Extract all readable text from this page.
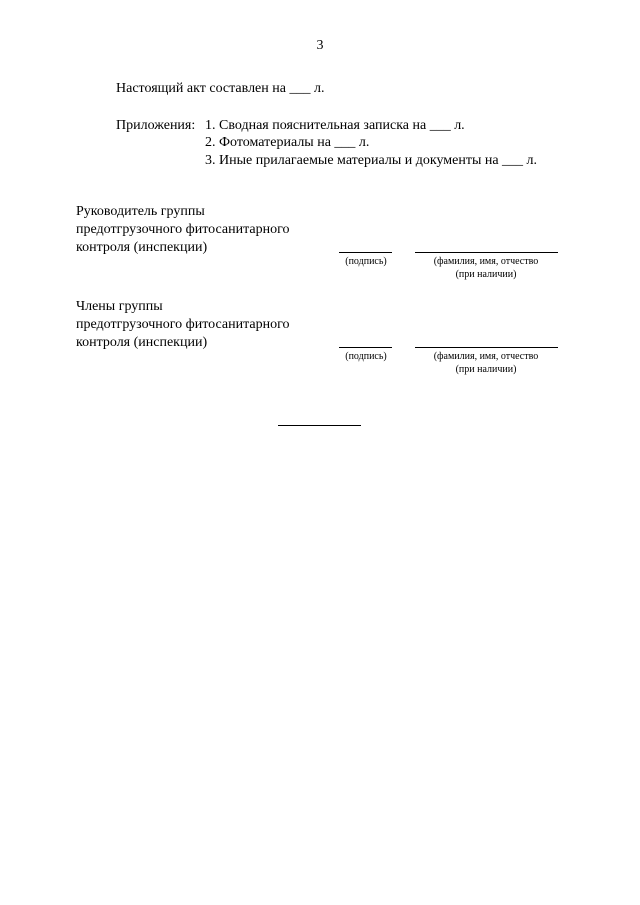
3
Настоящий акт составлен на ___ л.
Приложения: 1. Сводная пояснительная записка на ___ л.
2. Фотоматериалы на ___ л.
3. Иные прилагаемые материалы и документы на ___ л.
Руководитель группы
предотгрузочного фитосанитарного
контроля (инспекции)
(подпись)	(фамилия, имя, отчество
(при наличии)
Члены группы
предотгрузочного фитосанитарного
контроля (инспекции)
(подпись)	(фамилия, имя, отчество
(при наличии)
